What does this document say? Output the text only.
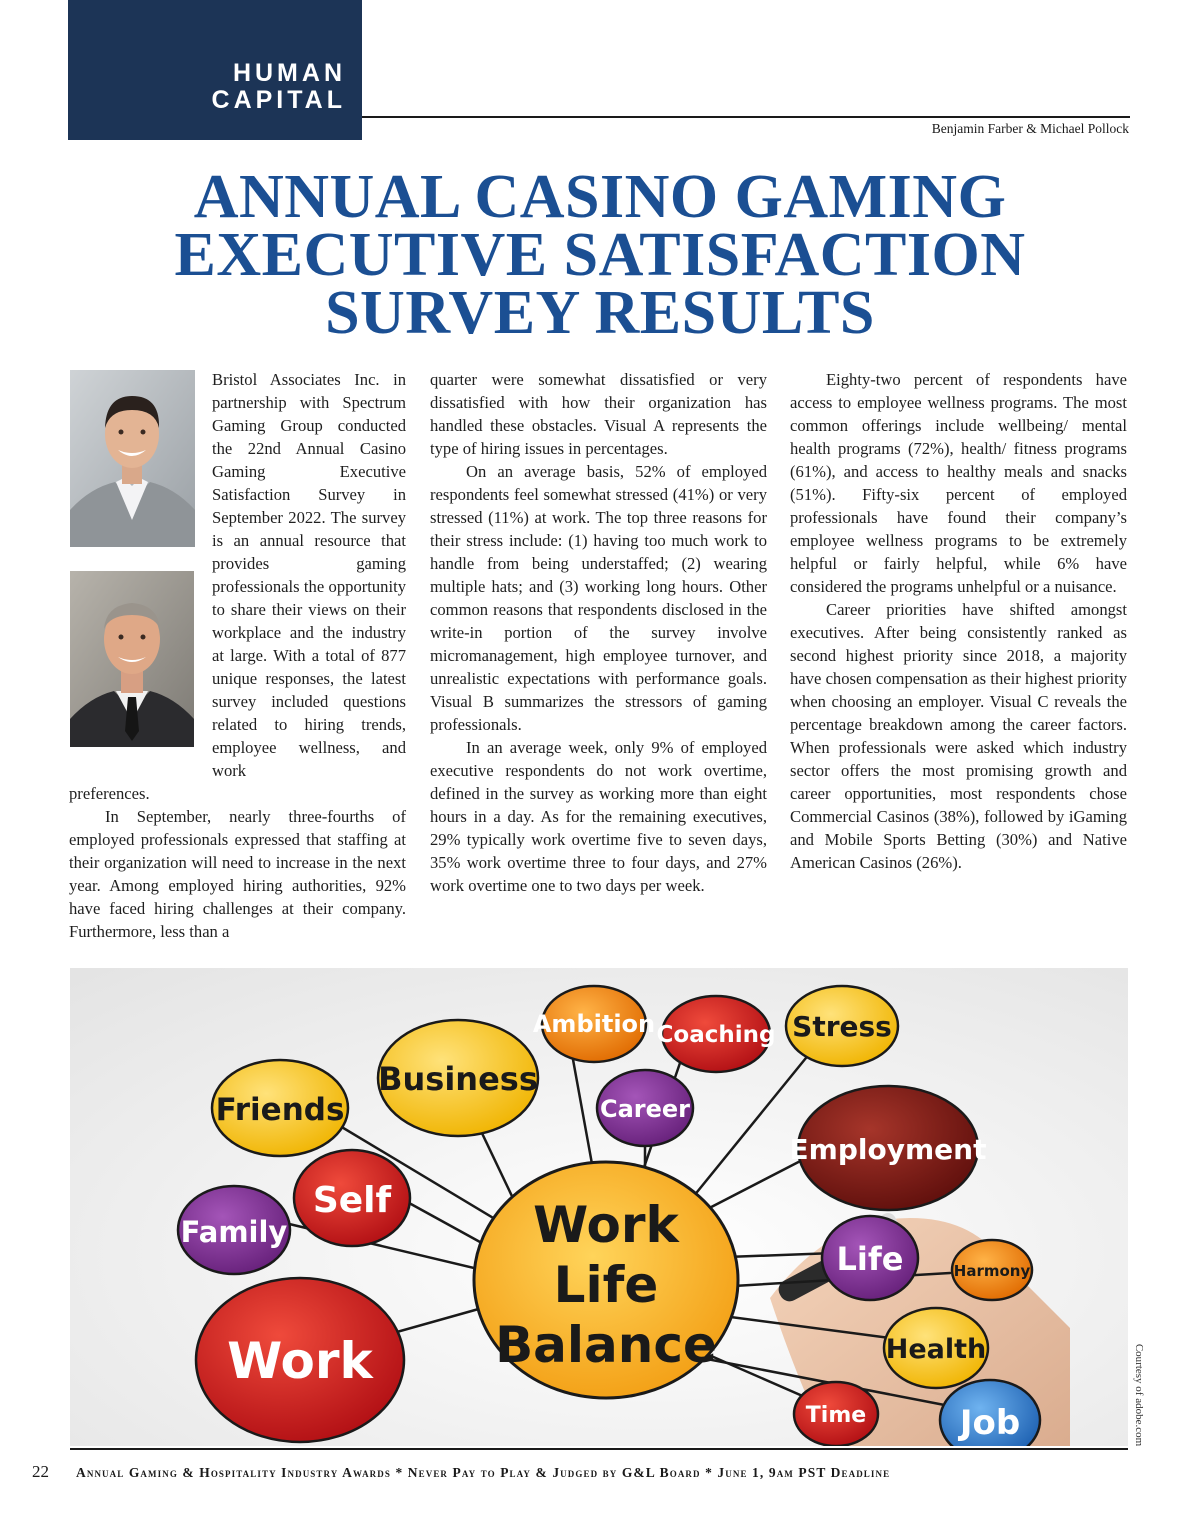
HUMAN
CAPITAL
Benjamin Farber & Michael Pollock
ANNUAL CASINO GAMING
EXECUTIVE SATISFACTION
SURVEY RESULTS

Bristol Associates Inc. in partnership with Spectrum Gaming Group conducted the 22nd Annual Casino Gaming Executive Satisfaction Survey in September 2022. The survey is an annual resource that provides gaming professionals the opportunity to share their views on their workplace and the industry at large. With a total of 877 unique responses, the latest survey included questions related to hiring trends, employee wellness, and work

preferences.

In September, nearly three-fourths of employed professionals expressed that staffing at their organization will need to increase in the next year. Among employed hiring authorities, 92% have faced hiring challenges at their company. Furthermore, less than a

quarter were somewhat dissatisfied or very dissatisfied with how their organization has handled these obstacles. Visual A represents the type of hiring issues in percentages.

On an average basis, 52% of employed respondents feel somewhat stressed (41%) or very stressed (11%) at work. The top three reasons for their stress include: (1) having too much work to handle from being understaffed; (2) wearing multiple hats; and (3) working long hours. Other common reasons that respondents disclosed in the write-in portion of the survey involve micromanagement, high employee turnover, and unrealistic expectations with performance goals. Visual B summarizes the stressors of gaming professionals.

In an average week, only 9% of employed executive respondents do not work overtime, defined in the survey as working more than eight hours in a day. As for the remaining executives, 29% typically work overtime five to seven days, 35% work overtime three to four days, and 27% work overtime one to two days per week.

Eighty-two percent of respondents have access to employee wellness programs. The most common offerings include wellbeing/ mental health programs (72%), health/ fitness programs (61%), and access to healthy meals and snacks (51%). Fifty-six percent of employed professionals have found their company’s employee wellness programs to be extremely helpful or fairly helpful, while 6% have considered the programs unhelpful or a nuisance.

Career priorities have shifted amongst executives. After being consistently ranked as second highest priority since 2018, a majority have chosen compensation as their highest priority when choosing an employer. Visual C reveals the percentage breakdown among the career factors. When professionals were asked which industry sector offers the most promising growth and career opportunities, most respondents chose Commercial Casinos (38%), followed by iGaming and Mobile Sports Betting (30%) and Native American Casinos (26%).

Ambition Coaching Stress
Business
Career
Friends
Employment
Self
Family
Life	Harmony
Work	Health
Time	Job
Work
Life
Balance	Courtesy of adobe.com
22 Annual Gaming & Hospitality Industry Awards * Never Pay to Play & Judged by G&L Board * June 1, 9am PST Deadline
